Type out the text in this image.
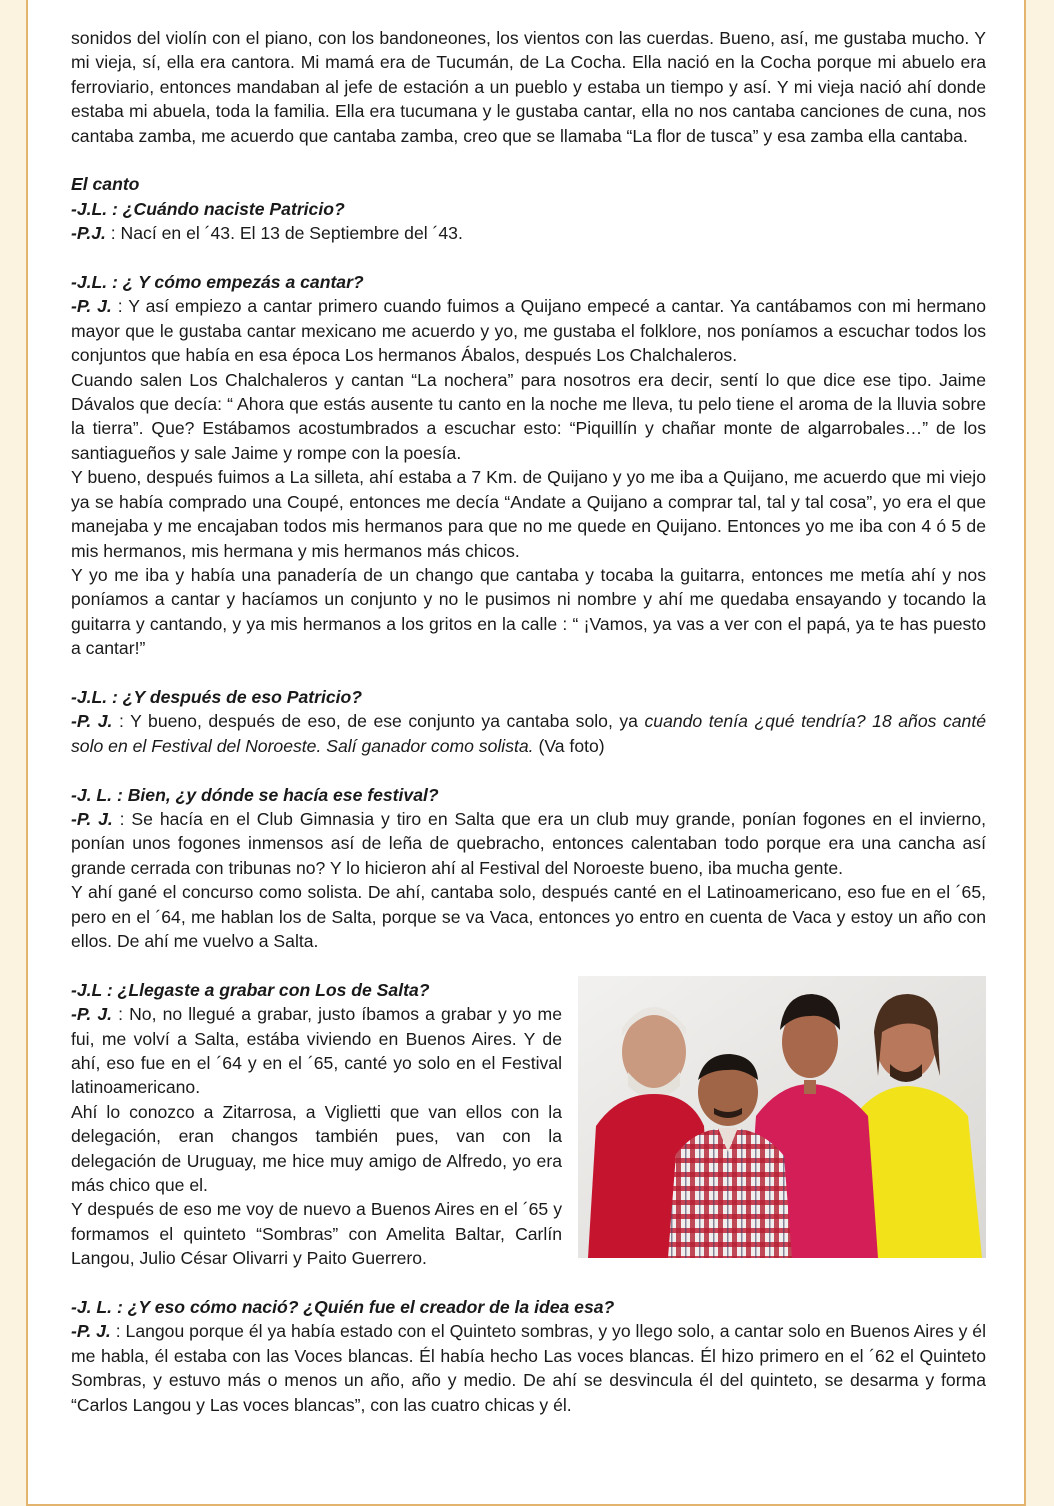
sonidos del violín con el piano, con los bandoneones, los vientos con las cuerdas. Bueno, así, me gustaba mucho. Y mi vieja, sí, ella era cantora. Mi mamá era de Tucumán, de La Cocha. Ella nació en la Cocha porque mi abuelo era ferroviario, entonces mandaban al jefe de estación a un pueblo y estaba un tiempo y así. Y mi vieja nació ahí donde estaba mi abuela, toda la familia. Ella era tucumana y le gustaba cantar, ella no nos cantaba canciones de cuna, nos cantaba zamba, me acuerdo que cantaba zamba, creo que se llamaba “La flor de tusca” y esa zamba ella cantaba.

El canto

-J.L. : ¿Cuándo naciste Patricio?

-P.J. : Nací en el ´43. El 13 de Septiembre del ´43.

-J.L. : ¿ Y cómo empezás a cantar?

-P. J. : Y así empiezo a cantar primero cuando fuimos a Quijano empecé a cantar. Ya cantábamos con mi hermano mayor que le gustaba cantar mexicano me acuerdo y yo, me gustaba el folklore, nos poníamos a escuchar todos los conjuntos que había en esa época Los hermanos Ábalos, después Los Chalchaleros.

Cuando salen Los Chalchaleros y cantan “La nochera” para nosotros era decir, sentí lo que dice ese tipo. Jaime Dávalos que decía: “ Ahora que estás ausente tu canto en la noche me lleva, tu pelo tiene el aroma de la lluvia sobre la tierra”. Que? Estábamos acostumbrados a escuchar esto: “Piquillín y chañar monte de algarrobales…” de los santiagueños y sale Jaime y rompe con la poesía.

Y bueno, después fuimos a La silleta, ahí estaba a 7 Km. de Quijano y yo me iba a Quijano, me acuerdo que mi viejo ya se había comprado una Coupé, entonces me decía “Andate a Quijano a comprar tal, tal y tal cosa”, yo era el que manejaba y me encajaban todos mis hermanos para que no me quede en Quijano. Entonces yo me iba con 4 ó 5 de mis hermanos, mis hermana y mis hermanos más chicos.

Y yo me iba y había una panadería de un chango que cantaba y tocaba la guitarra, entonces me metía ahí y nos poníamos a cantar y hacíamos un conjunto y no le pusimos ni nombre y ahí me quedaba ensayando y tocando la guitarra y cantando, y ya mis hermanos a los gritos en la calle : “ ¡Vamos, ya vas a ver con el papá, ya te has puesto a cantar!”

-J.L. : ¿Y después de eso Patricio?

-P. J. : Y bueno, después de eso, de ese conjunto ya cantaba solo, ya cuando tenía ¿qué tendría? 18 años canté solo en el Festival del Noroeste. Salí ganador como solista. (Va foto)

-J. L. : Bien, ¿y dónde se hacía ese festival?

-P. J. : Se hacía en el Club Gimnasia y tiro en Salta que era un club muy grande, ponían fogones en el invierno, ponían unos fogones inmensos así de leña de quebracho, entonces calentaban todo porque era una cancha así grande cerrada con tribunas no? Y lo hicieron ahí al Festival del Noroeste bueno, iba mucha gente.

Y ahí gané el concurso como solista. De ahí, cantaba solo, después canté en el Latinoamericano, eso fue en el ´65, pero en el ´64, me hablan los de Salta, porque se va Vaca, entonces yo entro en cuenta de Vaca y estoy un año con ellos. De ahí me vuelvo a Salta.

-J.L : ¿Llegaste a grabar con Los de Salta?

-P. J. : No, no llegué a grabar, justo íbamos a grabar y yo me fui, me volví a Salta, estába viviendo en Buenos Aires. Y de ahí, eso fue en el ´64 y en el ´65, canté yo solo en el Festival latinoamericano.

Ahí lo conozco a Zitarrosa, a Viglietti que van ellos con la delegación, eran changos también pues, van con la delegación de Uruguay, me hice muy amigo de Alfredo, yo era más chico que el.

Y después de eso me voy de nuevo a Buenos Aires en el ´65 y formamos el quinteto “Sombras” con Amelita Baltar, Carlín Langou, Julio César Olivarri y Paito Guerrero.

-J. L. : ¿Y eso cómo nació? ¿Quién fue el creador de la idea esa?

-P. J. : Langou porque él ya había estado con el Quinteto sombras, y yo llego solo, a cantar solo en Buenos Aires y él me habla, él estaba con las Voces blancas. Él había hecho Las voces blancas. Él hizo primero en el ´62 el Quinteto Sombras, y estuvo más o menos un año, año y medio. De ahí se desvincula él del quinteto, se desarma y forma “Carlos Langou y Las voces blancas”, con las cuatro chicas y él.
